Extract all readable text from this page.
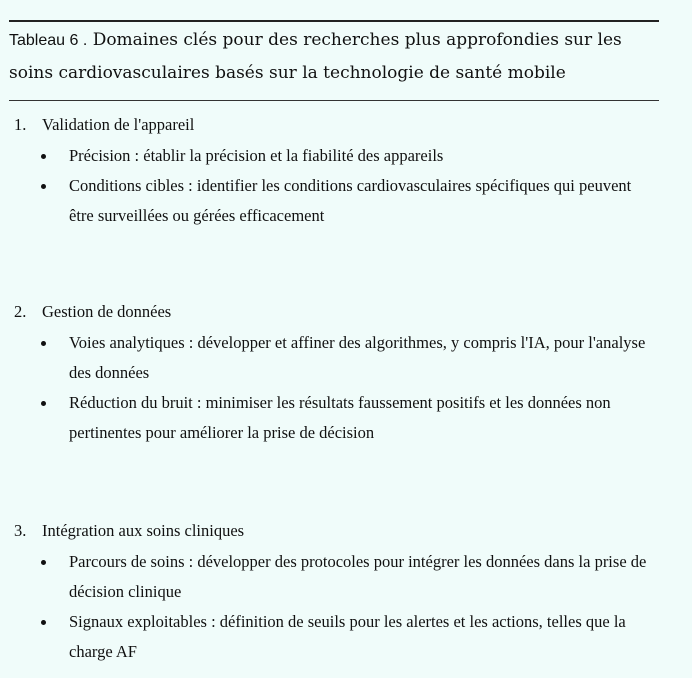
Tableau 6 . Domaines clés pour des recherches plus approfondies sur les soins cardiovasculaires basés sur la technologie de santé mobile
1. Validation de l'appareil
Précision : établir la précision et la fiabilité des appareils
Conditions cibles : identifier les conditions cardiovasculaires spécifiques qui peuvent être surveillées ou gérées efficacement
2. Gestion de données
Voies analytiques : développer et affiner des algorithmes, y compris l'IA, pour l'analyse des données
Réduction du bruit : minimiser les résultats faussement positifs et les données non pertinentes pour améliorer la prise de décision
3. Intégration aux soins cliniques
Parcours de soins : développer des protocoles pour intégrer les données dans la prise de décision clinique
Signaux exploitables : définition de seuils pour les alertes et les actions, telles que la charge AF
